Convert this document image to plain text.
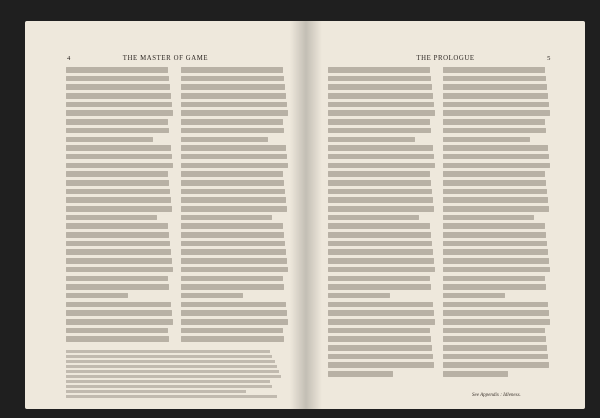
4	THE MASTER OF GAME	5
THE PROLOGUE
See Appendix : Idleness.
